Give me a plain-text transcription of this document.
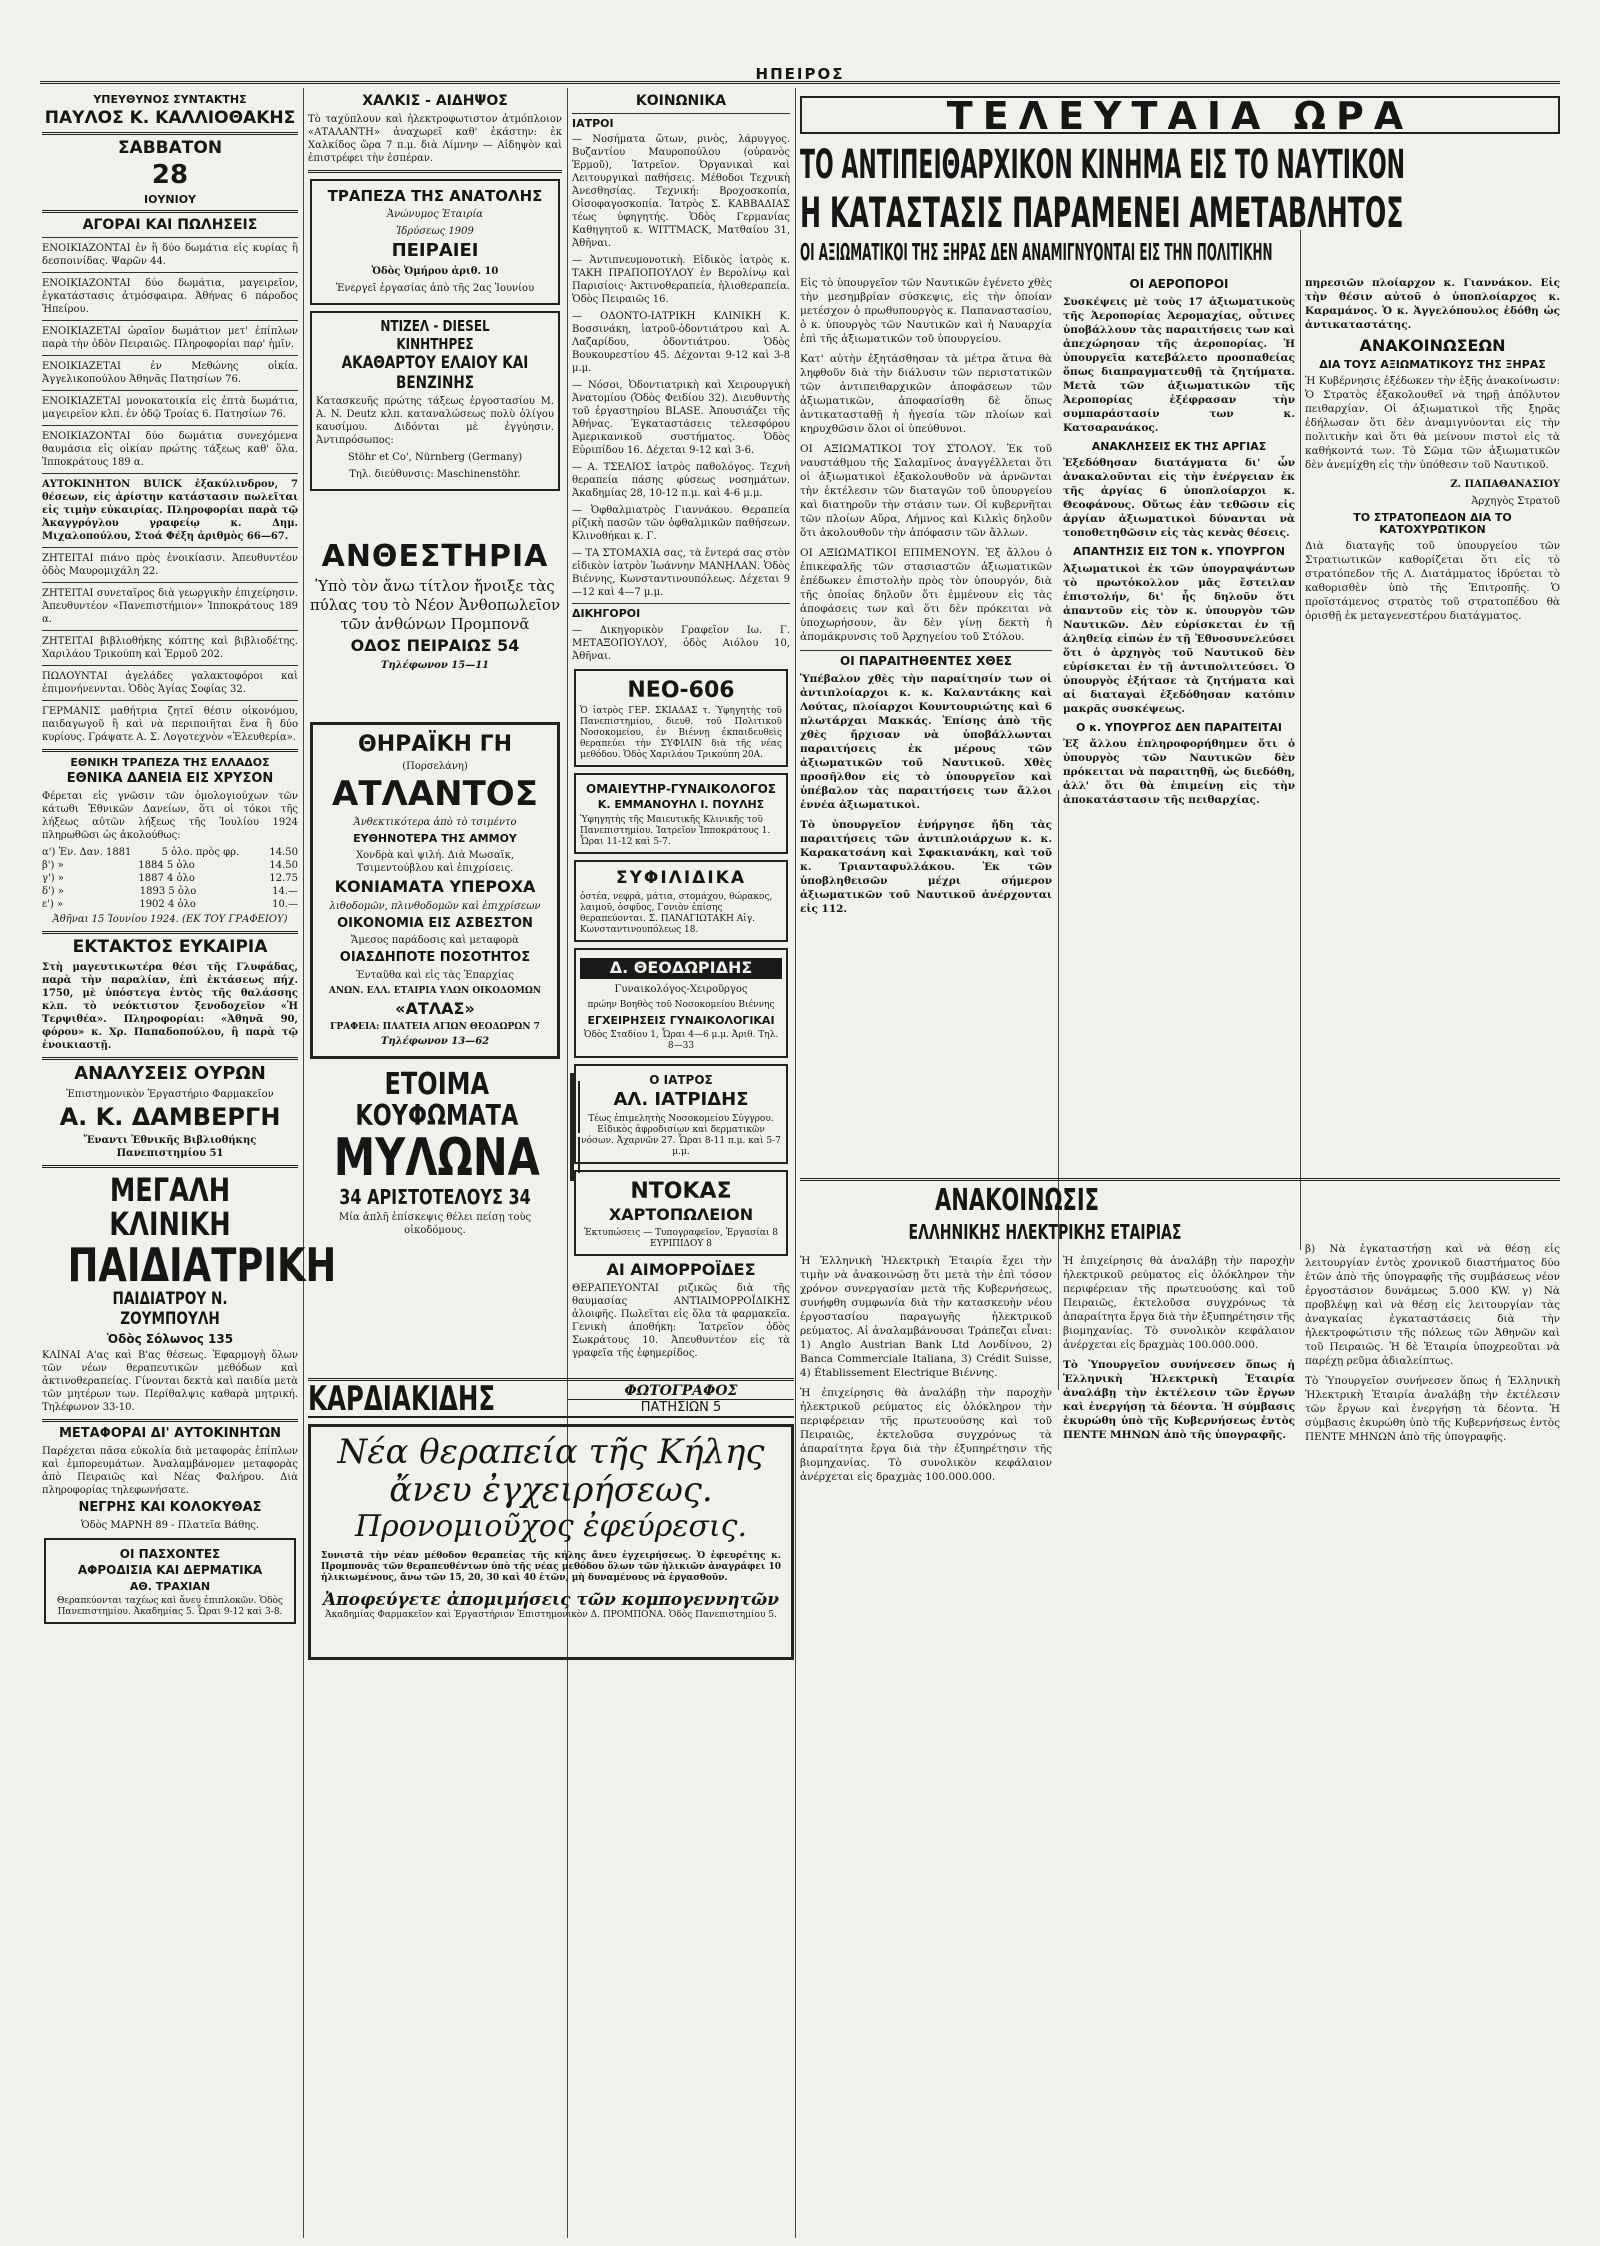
ΗΠΕΙΡΟΣ
ΥΠΕΥΘΥΝΟΣ ΣΥΝΤΑΚΤΗΣ
ΠΑΥΛΟΣ Κ. ΚΑΛΛΙΟΘΑΚΗΣ
ΣΑΒΒΑΤΟΝ
28
ΙΟΥΝΙΟΥ
ΑΓΟΡΑΙ ΚΑΙ ΠΩΛΗΣΕΙΣ
ΕΝΟΙΚΙΑΖΟΝΤΑΙ ἐν ἢ δύο δωμάτια εἰς κυρίας ἢ δεσποινίδας. Ψαρῶν 44.
ΕΝΟΙΚΙΑΖΟΝΤΑΙ δύο δωμάτια, μαγειρεῖον, ἐγκατάστασις ἀτμόσφαιρα. Ἀθήνας 6 πάροδος Ἠπείρου.
ΕΝΟΙΚΙΑΖΕΤΑΙ ὡραῖον δωμάτιον μετ' ἐπίπλων παρὰ τὴν ὁδὸν Πειραιῶς. Πληροφορίαι παρ' ἡμῖν.
ΕΝΟΙΚΙΑΖΕΤΑΙ ἐν Μεθώνης οἰκία. Ἀγγελικοπούλου Ἀθηνᾶς Πατησίων 76.
ΕΝΟΙΚΙΑΖΕΤΑΙ μονοκατοικία εἰς ἐπτὰ δωμάτια, μαγειρεῖον κλπ. ἐν ὁδῷ Τροίας 6. Πατησίων 76.
ΕΝΟΙΚΙΑΖΟΝΤΑΙ δύο δωμάτια συνεχόμενα θαυμάσια εἰς οἰκίαν πρώτης τάξεως καθ' ὅλα. Ἱπποκράτους 189 α.
ΑΥΤΟΚΙΝΗΤΟΝ BUICK ἑξακύλινδρον, 7 θέσεων, εἰς ἀρίστην κατάστασιν πωλεῖται εἰς τιμὴν εὐκαιρίας. Πληροφορίαι παρὰ τῷ Ἀκαγγρόγλου γραφείῳ κ. Δημ. Μιχαλοπούλου, Στοά Φέξη ἀριθμὸς 66—67.
ΖΗΤΕΙΤΑΙ πιάνο πρὸς ἐνοικίασιν. Ἀπευθυντέον ὁδὸς Μαυρομιχάλη 22.
ΖΗΤΕΙΤΑΙ συνεταῖρος διὰ γεωργικὴν ἐπιχείρησιν. Ἀπευθυντέον «Πανεπιστήμιον» Ἱπποκράτους 189 α.
ΖΗΤΕΙΤΑΙ βιβλιοθήκης κόπτης καὶ βιβλιοδέτης. Χαριλάου Τρικούπη καὶ Ἑρμοῦ 202.
ΠΩΛΟΥΝΤΑΙ ἀγελάδες γαλακτοφόροι καὶ ἐπιμονήνεννται. Ὁδὸς Ἁγίας Σοφίας 32.
ΓΕΡΜΑΝΙΣ μαθήτρια ζητεῖ θέσιν οἰκονόμου, παιδαγωγοῦ ἢ καὶ νὰ περιποιῆται ἕνα ἢ δύο κυρίους. Γράψατε Α. Σ. Λογοτεχνὸν «Ἐλευθερία».
ΕΘΝΙΚΗ ΤΡΑΠΕΖΑ ΤΗΣ ΕΛΛΑΔΟΣ
ΕΘΝΙΚΑ ΔΑΝΕΙΑ ΕΙΣ ΧΡΥΣΟΝ
Φέρεται εἰς γνῶσιν τῶν ὁμολογιούχων τῶν κάτωθι Ἐθνικῶν Δανείων, ὅτι οἱ τόκοι τῆς λήξεως αὐτῶν λήξεως τῆς Ἰουλίου 1924 πληρωθῶσι ὡς ἀκολούθως:
α') Ἐν. Δαν. 1881	5 ὁλο. πρὸς φρ.	14.50
β') »	1884 5 ὁλο	14.50
γ') »	1887 4 ὁλο	12.75
δ') »	1893 5 ὁλο	14.—
ε') »	1902 4 ὁλο	10.—
Ἀθῆναι 15 Ἰουνίου 1924. (ΕΚ ΤΟΥ ΓΡΑΦΕΙΟΥ)
ΕΚΤΑΚΤΟΣ ΕΥΚΑΙΡΙΑ
Στὴ μαγευτικωτέρα θέσι τῆς Γλυφάδας, παρὰ τὴν παραλίαν, ἐπὶ ἐκτάσεως πήχ. 1750, μὲ ὑπόστεγα ἐντὸς τῆς θαλάσσης κλπ. τὸ νεόκτιστον ξενοδοχεῖον «Ἡ Τερψιθέα». Πληροφορίαι: «Ἀθηνᾶ 90, φόρου» κ. Χρ. Παπαδοπούλου, ἢ παρὰ τῷ ἐνοικιαστῇ.
ΑΝΑΛΥΣΕΙΣ ΟΥΡΩΝ
Ἐπιστημονικὸν Ἐργαστήριο Φαρμακεῖον
Α. Κ. ΔΑΜΒΕΡΓΗ
Ἔναντι Ἐθνικῆς Βιβλιοθήκης Πανεπιστημίου 51
ΜΕΓΑΛΗ ΚΛΙΝΙΚΗ
ΠΑΙΔΙΑΤΡΙΚΗ
ΠΑΙΔΙΑΤΡΟΥ Ν. ΖΟΥΜΠΟΥΛΗ
Ὁδὸς Σόλωνος 135
ΚΛΙΝΑΙ Α'ας καὶ Β'ας θέσεως. Ἐφαρμογὴ ὅλων τῶν νέων θεραπευτικῶν μεθόδων καὶ ἀκτινοθεραπείας. Γίνονται δεκτὰ καὶ παιδία μετὰ τῶν μητέρων των. Περίθαλψις καθαρὰ μητρική. Τηλέφωνον 33-10.
ΜΕΤΑΦΟΡΑΙ ΔΙ' ΑΥΤΟΚΙΝΗΤΩΝ
Παρέχεται πᾶσα εὐκολία διὰ μεταφορὰς ἐπίπλων καὶ ἐμπορευμάτων. Ἀναλαμβάνομεν μεταφορὰς ἀπὸ Πειραιῶς καὶ Νέας Φαλήρου. Διὰ πληροφορίας τηλεφωνήσατε.
ΝΕΓΡΗΣ ΚΑΙ ΚΟΛΟΚΥΘΑΣ
Ὁδὸς ΜΑΡΝΗ 89 - Πλατεῖα Βάθης.
ΟΙ ΠΑΣΧΟΝΤΕΣ
ΑΦΡΟΔΙΣΙΑ ΚΑΙ ΔΕΡΜΑΤΙΚΑ
ΑΘ. ΤΡΑΧΙΑΝ
Θεραπεύονται ταχέως καὶ ἄνευ ἐπιπλοκῶν. Ὁδὸς Πανεπιστημίου. Ἀκαδημίας 5. Ὧραι 9-12 καὶ 3-8.
ΧΑΛΚΙΣ - ΑΙΔΗΨΟΣ
Τὸ ταχύπλουν καὶ ἡλεκτροφωτιστον ἀτμόπλοιον «ΑΤΑΛΑΝΤΗ» ἀναχωρεῖ καθ' ἑκάστην: ἐκ Χαλκίδος ὥρα 7 π.μ. διὰ Λίμνην — Αἰδηψὸν καὶ ἐπιστρέφει τὴν ἑσπέραν.
ΤΡΑΠΕΖΑ ΤΗΣ ΑΝΑΤΟΛΗΣ
Ἀνώνυμος Ἑταιρία
Ἱδρύσεως 1909
ΠΕΙΡΑΙΕΙ
Ὁδὸς Ὁμήρου ἀριθ. 10
Ἐνεργεῖ ἐργασίας ἀπὸ τῆς 2ας Ἰουνίου
ΝΤΙΖΕΛ - DIESEL ΚΙΝΗΤΗΡΕΣ
ΑΚΑΘΑΡΤΟΥ ΕΛΑΙΟΥ ΚΑΙ ΒΕΝΖΙΝΗΣ
Κατασκευῆς πρώτης τάξεως ἐργοστασίου M. A. N. Deutz κλπ. καταναλώσεως πολὺ ὀλίγου καυσίμου. Διδόνται μὲ ἐγγύησιν. Ἀντιπρόσωπος:
Stöhr et Co', Nürnberg (Germany)
Τηλ. διεύθυνσις: Maschinenstöhr.
ΑΝΘΕΣΤΗΡΙΑ
Ὑπὸ τὸν ἄνω τίτλον ἤνοιξε τὰς πύλας του τὸ Νέον Ἀνθοπωλεῖον τῶν ἀνθώνων Προμπονᾶ
ΟΔΟΣ ΠΕΙΡΑΙΩΣ 54
Τηλέφωνον 15—11
ΘΗΡΑΪΚΗ ΓΗ
(Πορσελάνη)
ΑΤΛΑΝΤΟΣ
Ἀνθεκτικότερα ἀπὸ τὸ τσιμέντο
ΕΥΘΗΝΟΤΕΡΑ ΤΗΣ ΑΜΜΟΥ
Χονδρὰ καὶ ψιλή. Διὰ Μωσαϊκ, Τσιμεντούβλου καὶ ἐπιχρίσεις.
ΚΟΝΙΑΜΑΤΑ ΥΠΕΡΟΧΑ
λιθοδομῶν, πλινθοδομῶν καὶ ἐπιχρίσεων
ΟΙΚΟΝΟΜΙΑ ΕΙΣ ΑΣΒΕΣΤΟΝ
Ἄμεσος παράδοσις καὶ μεταφορὰ
ΟΙΑΣΔΗΠΟΤΕ ΠΟΣΟΤΗΤΟΣ
Ἐνταῦθα καὶ εἰς τὰς Ἐπαρχίας
ΑΝΩΝ. ΕΛΛ. ΕΤΑΙΡΙΑ ΥΛΩΝ ΟΙΚΟΔΟΜΩΝ
«ΑΤΛΑΣ»
ΓΡΑΦΕΙΑ: ΠΛΑΤΕΙΑ ΑΓΙΩΝ ΘΕΟΔΩΡΩΝ 7
Τηλέφωνον 13—62
ΕΤΟΙΜΑ
ΚΟΥΦΩΜΑΤΑ
ΜΥΛΩΝΑ
34 ΑΡΙΣΤΟΤΕΛΟΥΣ 34
Μία ἁπλῆ ἐπίσκεψις θέλει πείσῃ τοὺς οἰκοδόμους.
ΚΟΙΝΩΝΙΚΑ
ΙΑΤΡΟΙ
— Νοσήματα ὤτων, ρινὸς, λάρυγγος. Βυζαντίου Μαυροπούλου (οὐρανὸς Ἑρμοῦ), Ἰατρεῖον. Ὀργανικαὶ καὶ Λειτουργικαὶ παθήσεις. Μέθοδοι Τεχνικὴ Ἀνεσθησίας. Τεχνική: Βροχοσκοπία, Οἰσοφαγοσκοπία. Ἰατρὸς Σ. ΚΑΒΒΑΔΙΑΣ τέως ὑφηγητής. Ὁδὸς Γερμανίας Καθηγητοῦ κ. WITTMACK, Ματθαίου 31, Ἀθῆναι.
— Ἀντιπνευμονοτικὴ. Εἰδικὸς ἰατρὸς κ. ΤΑΚΗ ΠΡΑΠΟΠΟΥΛΟΥ ἐν Βερολίνῳ καὶ Παρισίοις· Ἀκτινοθεραπεία, ἡλιοθεραπεία. Ὁδὸς Πειραιῶς 16.
— ΟΔΟΝΤΟ-ΙΑΤΡΙΚΗ ΚΛΙΝΙΚΗ Κ. Βοσσινάκη, ἰατροῦ-ὀδοντιάτρου καὶ Α. Λαζαρίδου, ὀδοντιάτρου. Ὁδὸς Βουκουρεστίου 45. Δέχονται 9-12 καὶ 3-8 μ.μ.
— Νόσοι, Ὀδοντιατρικὴ καὶ Χειρουργικὴ Ἀνατομίου (Ὁδὸς Φειδίου 32). Διευθυντὴς τοῦ ἐργαστηρίου BLASE. Ἀπουσιάζει τῆς Ἀθήνας. Ἐγκαταστάσεις τελεσφόρου Ἀμερικανικοῦ συστήματος. Ὁδὸς Εὐριπίδου 16. Δέχεται 9-12 καὶ 3-6.
— Α. ΤΣΕΛΙΟΣ ἰατρὸς παθολόγος. Τεχνὴ θεραπεία πάσης φύσεως νοσημάτων. Ἀκαδημίας 28, 10-12 π.μ. καὶ 4-6 μ.μ.
— Ὀφθαλμιατρὸς Γιαννάκου. Θεραπεία ρίζικὴ πασῶν τῶν ὀφθαλμικῶν παθήσεων. Κλινοθήκαι κ. Γ.
— ΤΑ ΣΤΟΜΑΧΙΑ σας, τὰ ἔντερά σας στὸν εἰδικὸν ἰατρὸν Ἰωάννην ΜΑΝΗΛΑΝ. Ὁδὸς Βιέννης, Κωνσταντινουπόλεως. Δέχεται 9—12 καὶ 4—7 μ.μ.
ΔΙΚΗΓΟΡΟΙ
— Δικηγορικὸν Γραφεῖον Ιω. Γ. ΜΕΤΑΞΟΠΟΥΛΟΥ, ὁδὸς Αιόλου 10, Ἀθῆναι.
ΝΕΟ-606
Ὁ ἰατρὸς ΓΕΡ. ΣΚΙΑΔΑΣ τ. Ὑφηγητὴς τοῦ Πανεπιστημίου, διευθ. τοῦ Πολιτικοῦ Νοσοκομείου, ἐν Βιέννῃ ἐκπαιδευθεὶς θεραπεύει τὴν ΣΥΦΙΛΙΝ διὰ τῆς νέας μεθόδου. Ὁδὸς Χαριλάου Τρικούπη 20Α.
ΟΜΑΙΕΥΤΗΡ-ΓΥΝΑΙΚΟΛΟΓΟΣ
Κ. ΕΜΜΑΝΟΥΗΛ Ι. ΠΟΥΛΗΣ
Ὑφηγητὴς τῆς Μαιευτικῆς Κλινικῆς τοῦ Πανεπιστημίου. Ἰατρεῖον Ἱπποκράτους 1. Ὧραι 11-12 καὶ 5-7.
ΣΥΦΙΛΙΔΙΚΑ
ὀστέα, νεφρά, μάτια, στομάχου, θώρακος, λαιμοῦ, ὀσφῦος, Γονιὸν ἐπίσης θεραπεύονται. Σ. ΠΑΝΑΓΙΩΤΑΚΗ Αἰγ. Κωνσταντινουπόλεως 18.
Δ. ΘΕΟΔΩΡΙΔΗΣ
Γυναικολόγος-Χειροῦργος
πρώην Βοηθὸς τοῦ Νοσοκομείου Βιέννης
ΕΓΧΕΙΡΗΣΕΙΣ ΓΥΝΑΙΚΟΛΟΓΙΚΑΙ
Ὁδὸς Σταδίου 1, Ὧραι 4—6 μ.μ. Ἀριθ. Τηλ. 8—33
Ο ΙΑΤΡΟΣ
ΑΛ. ΙΑΤΡΙΔΗΣ
Τέως ἐπιμελητὴς Νοσοκομείου Σύγγρου. Εἰδικὸς ἀφροδισίων καὶ δερματικῶν νόσων. Ἀχαρνῶν 27. Ὧραι 8-11 π.μ. καὶ 5-7 μ.μ.
ΝΤΟΚΑΣ
ΧΑΡΤΟΠΩΛΕΙΟΝ
Ἐκτυπώσεις — Τυπογραφεῖον, Ἐργασίαι 8 ΕΥΡΙΠΙΔΟΥ 8
ΑΙ ΑΙΜΟΡΡΟΪΔΕΣ
ΘΕΡΑΠΕΥΟΝΤΑΙ ριζικῶς διὰ τῆς θαυμασίας ΑΝΤΙΑΙΜΟΡΡΟΪΔΙΚΗΣ ἀλοιφῆς. Πωλεῖται εἰς ὅλα τὰ φαρμακεῖα. Γενικὴ ἀποθήκη: Ἰατρεῖον ὁδὸς Σωκράτους 10. Ἀπευθυντέον εἰς τὰ γραφεῖα τῆς ἐφημερίδος.
ΤΕΛΕΥΤΑΙΑ ΩΡΑ
ΤΟ ΑΝΤΙΠΕΙΘΑΡΧΙΚΟΝ ΚΙΝΗΜΑ ΕΙΣ ΤΟ ΝΑΥΤΙΚΟΝ
Η ΚΑΤΑΣΤΑΣΙΣ ΠΑΡΑΜΕΝΕΙ ΑΜΕΤΑΒΛΗΤΟΣ
ΟΙ ΑΞΙΩΜΑΤΙΚΟΙ ΤΗΣ ΞΗΡΑΣ ΔΕΝ ΑΝΑΜΙΓΝΥΟΝΤΑΙ ΕΙΣ ΤΗΝ ΠΟΛΙΤΙΚΗΝ
Εἰς τὸ ὑπουργεῖον τῶν Ναυτικῶν ἐγένετο χθὲς τὴν μεσημβρίαν σύσκεψις, εἰς τὴν ὁποίαν μετέσχον ὁ πρωθυπουργὸς κ. Παπαναστασίου, ὁ κ. ὑπουργὸς τῶν Ναυτικῶν καὶ ἡ Ναυαρχία ἐπὶ τῆς ἀξιωματικῶν τοῦ ὑπουργείου.
Κατ' αὐτὴν ἐξητάσθησαν τὰ μέτρα ἅτινα θὰ ληφθοῦν διὰ τὴν διάλυσιν τῶν περιστατικῶν τῶν ἀντιπειθαρχικῶν ἀποφάσεων τῶν ἀξιωματικῶν, ἀποφασίσθη δὲ ὅπως ἀντικατασταθῇ ἡ ἡγεσία τῶν πλοίων καὶ κηρυχθῶσιν ὅλοι οἱ ὑπεύθυνοι.
ΟΙ ΑΞΙΩΜΑΤΙΚΟΙ ΤΟΥ ΣΤΟΛΟΥ. Ἐκ τοῦ ναυστάθμου τῆς Σαλαμῖνος ἀναγγέλλεται ὅτι οἱ ἀξιωματικοὶ ἐξακολουθοῦν νὰ ἀρνῶνται τὴν ἐκτέλεσιν τῶν διαταγῶν τοῦ ὑπουργείου καὶ διατηροῦν τὴν στάσιν των. Οἱ κυβερνῆται τῶν πλοίων Αὔρα, Λήμνος καὶ Κιλκὶς δηλοῦν ὅτι ἀκολουθοῦν τὴν ἀπόφασιν τῶν ἄλλων.
ΟΙ ΑΞΙΩΜΑΤΙΚΟΙ ΕΠΙΜΕΝΟΥΝ. Ἐξ ἄλλου ὁ ἐπικεφαλῆς τῶν στασιαστῶν ἀξιωματικῶν ἐπέδωκεν ἐπιστολὴν πρὸς τὸν ὑπουργόν, διὰ τῆς ὁποίας δηλοῦν ὅτι ἐμμένουν εἰς τὰς ἀποφάσεις των καὶ ὅτι δὲν πρόκειται νὰ ὑποχωρήσουν, ἂν δὲν γίνῃ δεκτὴ ἡ ἀπομάκρυνσις τοῦ Ἀρχηγείου τοῦ Στόλου.
ΟΙ ΠΑΡΑΙΤΗΘΕΝΤΕΣ ΧΘΕΣ
Ὑπέβαλον χθὲς τὴν παραίτησίν των οἱ ἀντιπλοίαρχοι κ. κ. Καλαντάκης καὶ Λούτας, πλοίαρχοι Κουντουριώτης καὶ 6 πλωτάρχαι Μακκάς. Ἐπίσης ἀπὸ τῆς χθὲς ἤρχισαν νὰ ὑποβάλλωνται παραιτήσεις ἐκ μέρους τῶν ἀξιωματικῶν τοῦ Ναυτικοῦ. Χθὲς προσῆλθον εἰς τὸ ὑπουργεῖον καὶ ὑπέβαλον τὰς παραιτήσεις των ἄλλοι ἐννέα ἀξιωματικοὶ.
Τὸ ὑπουργεῖον ἐνήργησε ἤδη τὰς παραιτήσεις τῶν ἀντιπλοιάρχων κ. κ. Καρακατσάνη καὶ Σφακιανάκη, καὶ τοῦ κ. Τριανταφυλλάκου. Ἐκ τῶν ὑποβληθεισῶν μέχρι σήμερον ἀξιωματικῶν τοῦ Ναυτικοῦ ἀνέρχονται εἰς 112.
ΟΙ ΑΕΡΟΠΟΡΟΙ
Συσκέψεις μὲ τοὺς 17 ἀξιωματικοὺς τῆς Ἀεροπορίας Ἀερομαχίας, οὗτινες ὑποβάλλουν τὰς παραιτήσεις των καὶ ἀπεχώρησαν τῆς ἀεροπορίας. Ἡ ὑπουργεῖα κατεβάλετο προσπαθείας ὅπως διαπραγματευθῇ τὰ ζητήματα. Μετὰ τῶν ἀξιωματικῶν τῆς Ἀεροπορίας ἐξέφρασαν τὴν συμπαράστασίν των κ. Κατσαρανάκος.
ΑΝΑΚΛΗΣΕΙΣ ΕΚ ΤΗΣ ΑΡΓΙΑΣ
Ἐξεδόθησαν διατάγματα δι' ὧν ἀνακαλοῦνται εἰς τὴν ἐνέργειαν ἐκ τῆς ἀργίας 6 ὑποπλοίαρχοι κ. Θεοφάνους. Οὕτως ἐὰν τεθῶσιν εἰς ἀργίαν ἀξιωματικοὶ δύνανται νὰ τοποθετηθῶσιν εἰς τὰς κενὰς θέσεις.
ΑΠΑΝΤΗΣΙΣ ΕΙΣ ΤΟΝ κ. ΥΠΟΥΡΓΟΝ
Ἀξιωματικοὶ ἐκ τῶν ὑπογραψάντων τὸ πρωτόκολλον μᾶς ἔστειλαν ἐπιστολήν, δι' ἧς δηλοῦν ὅτι ἀπαντοῦν εἰς τὸν κ. ὑπουργὸν τῶν Ναυτικῶν. Δὲν εὑρίσκεται ἐν τῇ ἀληθείᾳ εἰπὼν ἐν τῇ Ἐθνοσυνελεύσει ὅτι ὁ ἀρχηγὸς τοῦ Ναυτικοῦ δὲν εὑρίσκεται ἐν τῇ ἀντιπολιτεύσει. Ὁ ὑπουργὸς ἐξήτασε τὰ ζητήματα καὶ αἱ διαταγαὶ ἐξεδόθησαν κατόπιν μακρᾶς συσκέψεως.
Ο κ. ΥΠΟΥΡΓΟΣ ΔΕΝ ΠΑΡΑΙΤΕΙΤΑΙ
Ἐξ ἄλλου ἐπληροφορήθημεν ὅτι ὁ ὑπουργὸς τῶν Ναυτικῶν δὲν πρόκειται νὰ παραιτηθῇ, ὡς διεδόθη, ἀλλ' ὅτι θὰ ἐπιμείνῃ εἰς τὴν ἀποκατάστασιν τῆς πειθαρχίας.
πηρεσιῶν πλοίαρχον κ. Γιαννάκον. Εἰς τὴν θέσιν αὐτοῦ ὁ ὑποπλοίαρχος κ. Καραμάνος. Ὁ κ. Ἀγγελόπουλος ἐδόθη ὡς ἀντικαταστάτης.
ΑΝΑΚΟΙΝΩΣΕΩΝ
ΔΙΑ ΤΟΥΣ ΑΞΙΩΜΑΤΙΚΟΥΣ ΤΗΣ ΞΗΡΑΣ
Ἡ Κυβέρνησις ἐξέδωκεν τὴν ἑξῆς ἀνακοίνωσιν: Ὁ Στρατὸς ἐξακολουθεῖ νὰ τηρῇ ἀπόλυτον πειθαρχίαν. Οἱ ἀξιωματικοὶ τῆς ξηρᾶς ἐδήλωσαν ὅτι δὲν ἀναμιγνύονται εἰς τὴν πολιτικὴν καὶ ὅτι θὰ μείνουν πιστοὶ εἰς τὰ καθήκοντά των. Τὸ Σῶμα τῶν ἀξιωματικῶν δὲν ἀνεμίχθη εἰς τὴν ὑπόθεσιν τοῦ Ναυτικοῦ.
Ζ. ΠΑΠΑΘΑΝΑΣΙΟΥ
Ἀρχηγὸς Στρατοῦ
ΤΟ ΣΤΡΑΤΟΠΕΔΟΝ ΔΙΑ ΤΟ ΚΑΤΟΧΥΡΩΤΙΚΟΝ
Διὰ διαταγῆς τοῦ ὑπουργείου τῶν Στρατιωτικῶν καθορίζεται ὅτι εἰς τὸ στρατόπεδον τῆς Λ. Διατάμματος ἰδρύεται τὸ καθορισθὲν ὑπὸ τῆς Ἐπιτροπῆς. Ὁ προϊστάμενος στρατὸς τοῦ στρατοπέδου θὰ ὁρισθῇ ἐκ μεταγενεστέρου διατάγματος.
ΑΝΑΚΟΙΝΩΣΙΣ
ΕΛΛΗΝΙΚΗΣ ΗΛΕΚΤΡΙΚΗΣ ΕΤΑΙΡΙΑΣ
Ἡ Ἑλληνικὴ Ἠλεκτρικὴ Ἑταιρία ἔχει τὴν τιμὴν νὰ ἀνακοινώσῃ ὅτι μετὰ τὴν ἐπὶ τόσον χρόνον συνεργασίαν μετὰ τῆς Κυβερνήσεως, συνήφθη συμφωνία διὰ τὴν κατασκευὴν νέου ἐργοστασίου παραγωγῆς ἠλεκτρικοῦ ρεύματος. Αἱ ἀναλαμβάνουσαι Τράπεζαι εἶναι: 1) Anglo Austrian Bank Ltd Λονδίνου, 2) Banca Commerciale Italiana, 3) Crédit Suisse, 4) Établissement Electrique Βιέννης.
Ἡ ἐπιχείρησις θὰ ἀναλάβῃ τὴν παροχὴν ἠλεκτρικοῦ ρεύματος εἰς ὁλόκληρον τὴν περιφέρειαν τῆς πρωτευούσης καὶ τοῦ Πειραιῶς, ἐκτελοῦσα συγχρόνως τὰ ἀπαραίτητα ἔργα διὰ τὴν ἐξυπηρέτησιν τῆς βιομηχανίας. Τὸ συνολικὸν κεφάλαιον ἀνέρχεται εἰς δραχμὰς 100.000.000.
Ἡ ἐπιχείρησις θὰ ἀναλάβῃ τὴν παροχὴν ἠλεκτρικοῦ ρεύματος εἰς ὁλόκληρον τὴν περιφέρειαν τῆς πρωτευούσης καὶ τοῦ Πειραιῶς, ἐκτελοῦσα συγχρόνως τὰ ἀπαραίτητα ἔργα διὰ τὴν ἐξυπηρέτησιν τῆς βιομηχανίας. Τὸ συνολικὸν κεφάλαιον ἀνέρχεται εἰς δραχμὰς 100.000.000.
Τὸ Ὑπουργεῖον συνήνεσεν ὅπως ἡ Ἑλληνικὴ Ἠλεκτρικὴ Ἑταιρία ἀναλάβῃ τὴν ἐκτέλεσιν τῶν ἔργων καὶ ἐνεργήσῃ τὰ δέοντα. Ἡ σύμβασις ἐκυρώθη ὑπὸ τῆς Κυβερνήσεως ἐντὸς ΠΕΝΤΕ ΜΗΝΩΝ ἀπὸ τῆς ὑπογραφῆς.
β) Νὰ ἐγκαταστήσῃ καὶ νὰ θέσῃ εἰς λειτουργίαν ἐντὸς χρονικοῦ διαστήματος δύο ἐτῶν ἀπὸ τῆς ὑπογραφῆς τῆς συμβάσεως νέον ἐργοστάσιον δυνάμεως 5.000 KW. γ) Νὰ προβλέψῃ καὶ νὰ θέσῃ εἰς λειτουργίαν τὰς ἀναγκαίας ἐγκαταστάσεις διὰ τὴν ἠλεκτροφώτισιν τῆς πόλεως τῶν Ἀθηνῶν καὶ τοῦ Πειραιῶς. Ἡ δὲ Ἑταιρία ὑποχρεοῦται νὰ παρέχῃ ρεῦμα ἀδιαλείπτως.
Τὸ Ὑπουργεῖον συνήνεσεν ὅπως ἡ Ἑλληνικὴ Ἠλεκτρικὴ Ἑταιρία ἀναλάβῃ τὴν ἐκτέλεσιν τῶν ἔργων καὶ ἐνεργήσῃ τὰ δέοντα. Ἡ σύμβασις ἐκυρώθη ὑπὸ τῆς Κυβερνήσεως ἐντὸς ΠΕΝΤΕ ΜΗΝΩΝ ἀπὸ τῆς ὑπογραφῆς.
ΚΑΡΔΙΑΚΙΔΗΣ	ΦΩΤΟΓΡΑΦΟΣ
ΠΑΤΗΣΙΩΝ 5
Νέα θεραπεία τῆς Κήλης
ἄνευ ἐγχειρήσεως.
Προνομιοῦχος ἐφεύρεσις.
Συνιστᾶ τὴν νέαν μέθοδον θεραπείας τῆς κήλης ἄνευ ἐγχειρήσεως. Ὁ ἐφευρέτης κ. Προμπονᾶς τῶν θεραπευθέντων ὑπὸ τῆς νέας μεθόδου ὅλων τῶν ἡλικιῶν ἀναγράφει 10 ἡλικιωμένους, ἄνω τῶν 15, 20, 30 καὶ 40 ἐτῶν, μὴ δυναμένους νὰ ἐργασθοῦν.
Ἀποφεύγετε ἀπομιμήσεις τῶν κομπογεννητῶν
Ἀκαδημίας Φαρμακεῖον καὶ Ἐργαστήριον Ἐπιστημονικὸν Δ. ΠΡΟΜΠΟΝΑ. Ὁδὸς Πανεπιστημίου 5.
